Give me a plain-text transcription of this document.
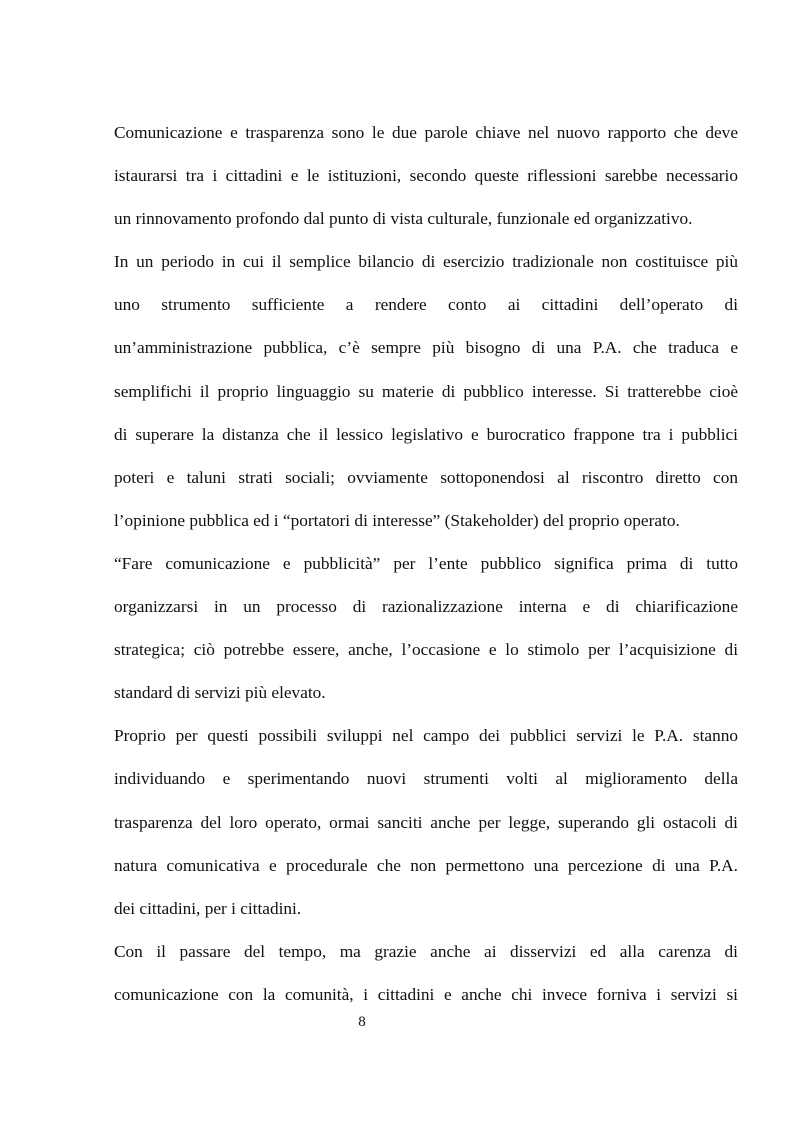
Comunicazione e trasparenza sono le due parole chiave nel nuovo rapporto che deve
istaurarsi tra i cittadini e le istituzioni, secondo queste riflessioni sarebbe necessario
un rinnovamento profondo dal punto di vista culturale, funzionale ed organizzativo.

In un periodo in cui il semplice bilancio di esercizio tradizionale non costituisce più
uno strumento sufficiente a rendere conto ai cittadini dell’operato di
un’amministrazione pubblica, c’è sempre più bisogno di una P.A. che traduca e
semplifichi il proprio linguaggio su materie di pubblico interesse. Si tratterebbe cioè
di superare la distanza che il lessico legislativo e burocratico frappone tra i pubblici
poteri e taluni strati sociali; ovviamente sottoponendosi al riscontro diretto con
l’opinione pubblica ed i “portatori di interesse” (Stakeholder) del proprio operato.

“Fare comunicazione e pubblicità” per l’ente pubblico significa prima di tutto
organizzarsi in un processo di razionalizzazione interna e di chiarificazione
strategica; ciò potrebbe essere, anche, l’occasione e lo stimolo per l’acquisizione di
standard di servizi più elevato.

Proprio per questi possibili sviluppi nel campo dei pubblici servizi le P.A. stanno
individuando e sperimentando nuovi strumenti volti al miglioramento della
trasparenza del loro operato, ormai sanciti anche per legge, superando gli ostacoli di
natura comunicativa e procedurale che non permettono una percezione di una P.A.
dei cittadini, per i cittadini.

Con il passare del tempo, ma grazie anche ai disservizi ed alla carenza di
comunicazione con la comunità, i cittadini e anche chi invece forniva i servizi si

8
